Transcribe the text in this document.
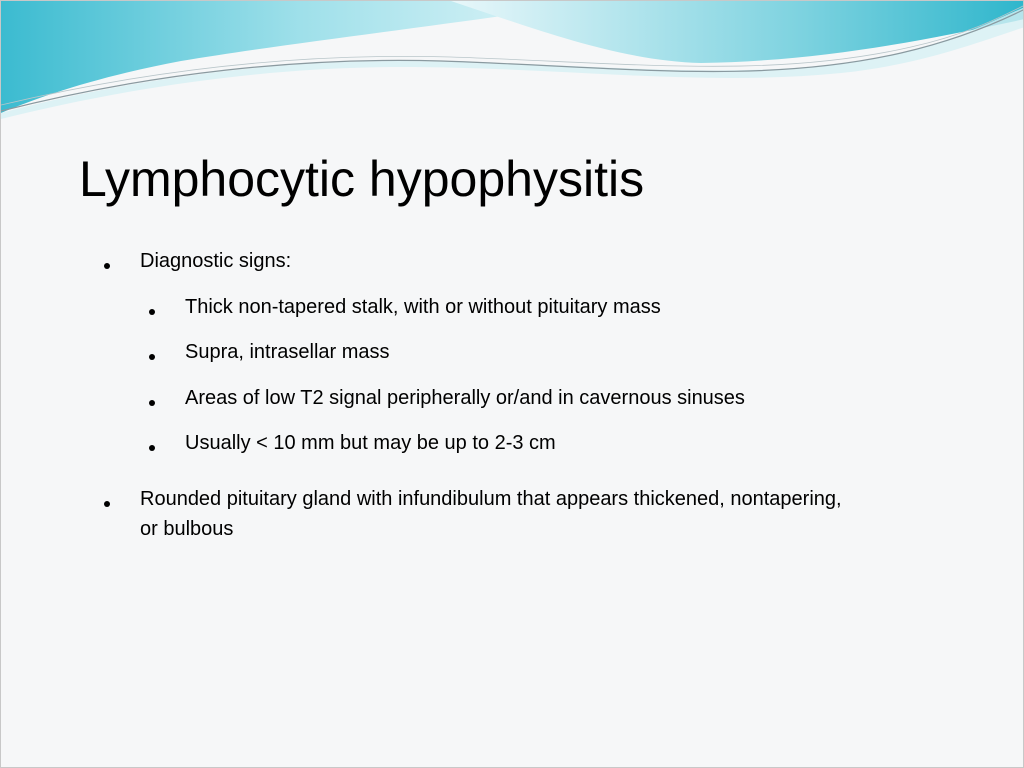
Lymphocytic hypophysitis
Diagnostic signs:
Thick non-tapered stalk, with or without pituitary mass
Supra, intrasellar mass
Areas of low T2 signal peripherally or/and in cavernous sinuses
Usually < 10 mm but may be up to 2-3 cm
Rounded pituitary gland with infundibulum that appears thickened, nontapering, or bulbous
